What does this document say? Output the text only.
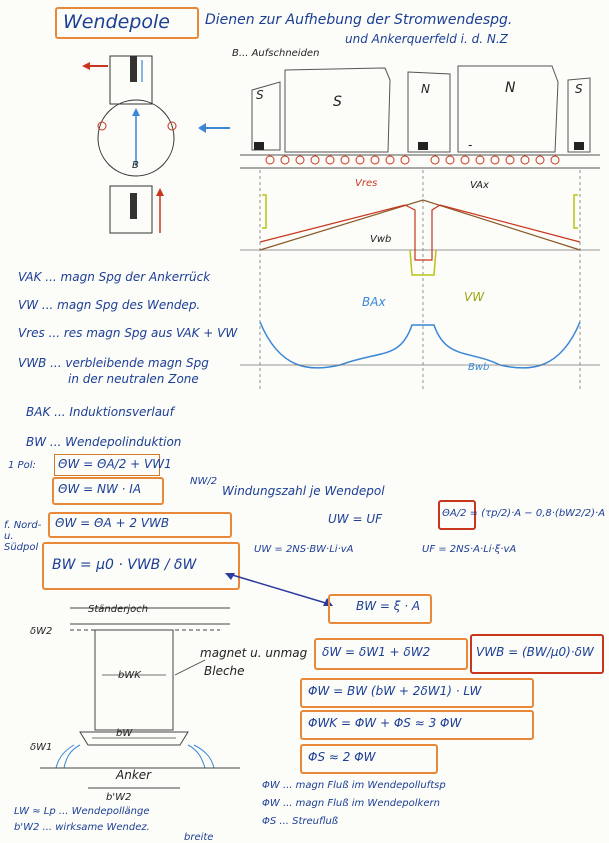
Wendepole	Dienen zur Aufhebung der Stromwendespg.
und Ankerquerfeld i. d. N.Z
B... Aufschneiden
B
S	S
N	N	S
-
Vres	VAx
Vwb
VW
BAx
Bwb
VAK ... magn Spg der Ankerrück
VW ... magn Spg des Wendep.
Vres ... res magn Spg aus VAK + VW
VWB ... verbleibende magn Spg
in der neutralen Zone
BAK ... Induktionsverlauf
BW ... Wendepolinduktion
1 Pol: ΘW = ΘA/2 + VW1
ΘW = NW · IA
NW/2
Windungszahl je Wendepol
f. Nord- u. Südpol
ΘW = ΘA + 2 VWB
BW = μ0 · VWB / δW
UW = UF	ΘA/2 = (τp/2)·A − 0,8·(bW2/2)·A
UW = 2NS·BW·Li·vA	UF = 2NS·A·Li·ξ·vA
BW = ξ · A
δW = δW1 + δW2	VWB = (BW/μ0)·δW
ΦW = BW (bW + 2δW1) · LW
ΦWK = ΦW + ΦS ≈ 3 ΦW
ΦS ≈ 2 ΦW
Ständerjoch
δW2
bWK
bW
magnet u. unmag
Bleche
δW1
Anker
b'W2
LW ≈ Lp ... Wendepollänge
b'W2 ... wirksame Wendez.
breite
ΦW ... magn Fluß im Wendepolluftsp
ΦW ... magn Fluß im Wendepolkern
ΦS ... Streufluß
